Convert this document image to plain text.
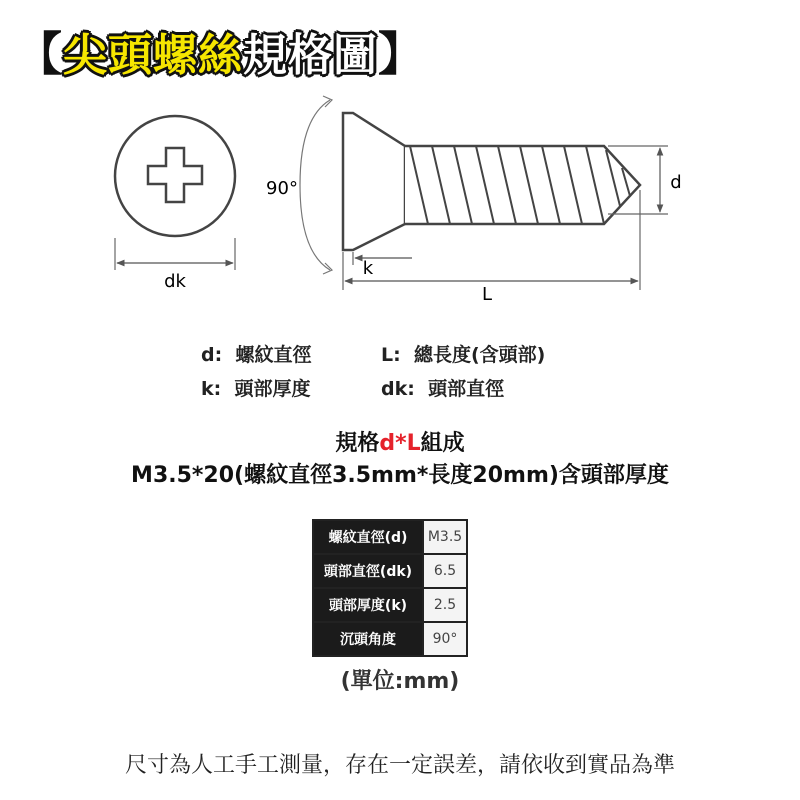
【 尖頭螺絲 規格圖 】
dk
90°
k
L
d
d: 螺紋直徑	L: 總長度(含頭部)
k: 頭部厚度	dk: 頭部直徑
規格d*L組成
M3.5*20(螺紋直徑3.5mm*長度20mm)含頭部厚度
螺紋直徑(d)	M3.5
頭部直徑(dk)	6.5
頭部厚度(k)	2.5
沉頭角度	90°
(單位:mm)
尺寸為人工手工測量，存在一定誤差，請依收到實品為準
